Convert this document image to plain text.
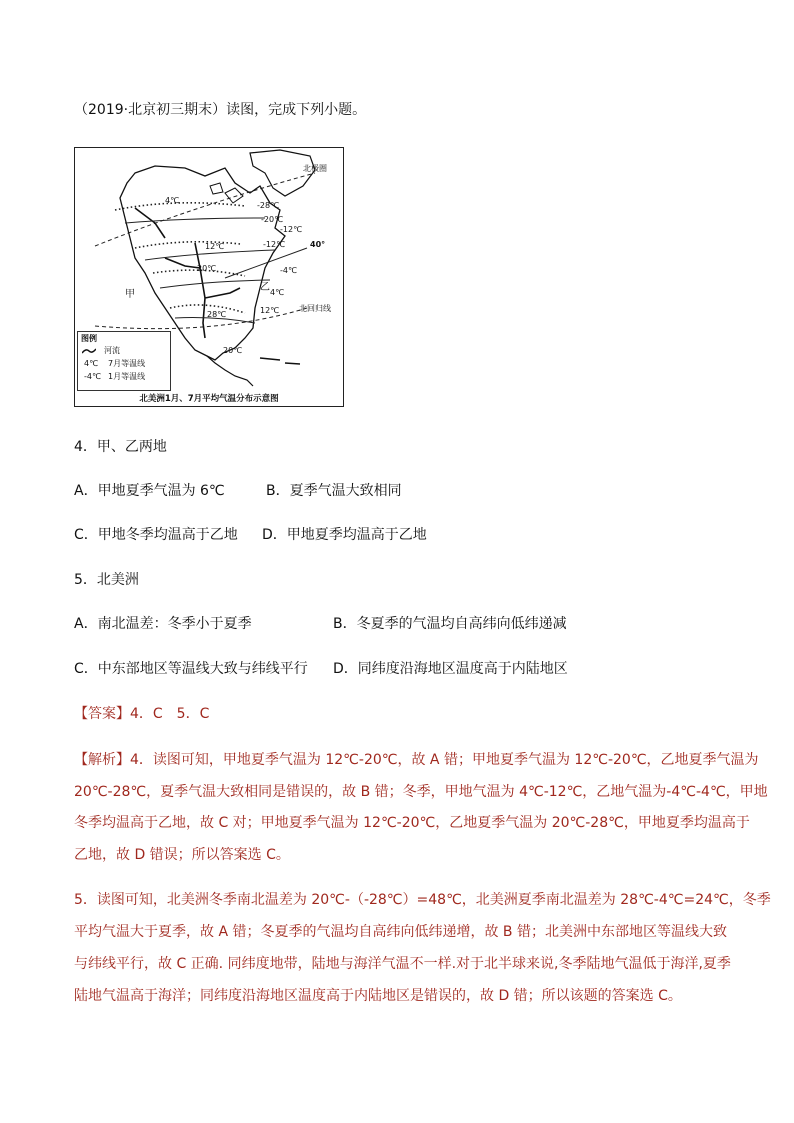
（2019·北京初三期末）读图，完成下列小题。
北极圈
4℃
-28℃
-20℃
-12℃
12℃	-12℃
20℃	-4℃
40°
甲
乙 4℃
28℃	12℃ 北回归线
20℃
图例
河流
4℃ 7月等温线
-4℃ 1月等温线
北美洲1月、7月平均气温分布示意图
4．甲、乙两地
A．甲地夏季气温为 6℃	B．夏季气温大致相同
C．甲地冬季均温高于乙地 D．甲地夏季均温高于乙地
5．北美洲
A．南北温差：冬季小于夏季	B．冬夏季的气温均自高纬向低纬递减
C．中东部地区等温线大致与纬线平行 D．同纬度沿海地区温度高于内陆地区
【答案】4．C　5．C
【解析】4．读图可知，甲地夏季气温为 12℃-20℃，故 A 错；甲地夏季气温为 12℃-20℃，乙地夏季气温为
20℃-28℃，夏季气温大致相同是错误的，故 B 错；冬季，甲地气温为 4℃-12℃，乙地气温为-4℃-4℃，甲地
冬季均温高于乙地，故 C 对；甲地夏季气温为 12℃-20℃，乙地夏季气温为 20℃-28℃，甲地夏季均温高于
乙地，故 D 错误；所以答案选 C。
5．读图可知，北美洲冬季南北温差为 20℃-（-28℃）=48℃，北美洲夏季南北温差为 28℃-4℃=24℃，冬季
平均气温大于夏季，故 A 错；冬夏季的气温均自高纬向低纬递增，故 B 错；北美洲中东部地区等温线大致
与纬线平行，故 C 正确. 同纬度地带，陆地与海洋气温不一样.对于北半球来说,冬季陆地气温低于海洋,夏季
陆地气温高于海洋；同纬度沿海地区温度高于内陆地区是错误的，故 D 错；所以该题的答案选 C。
